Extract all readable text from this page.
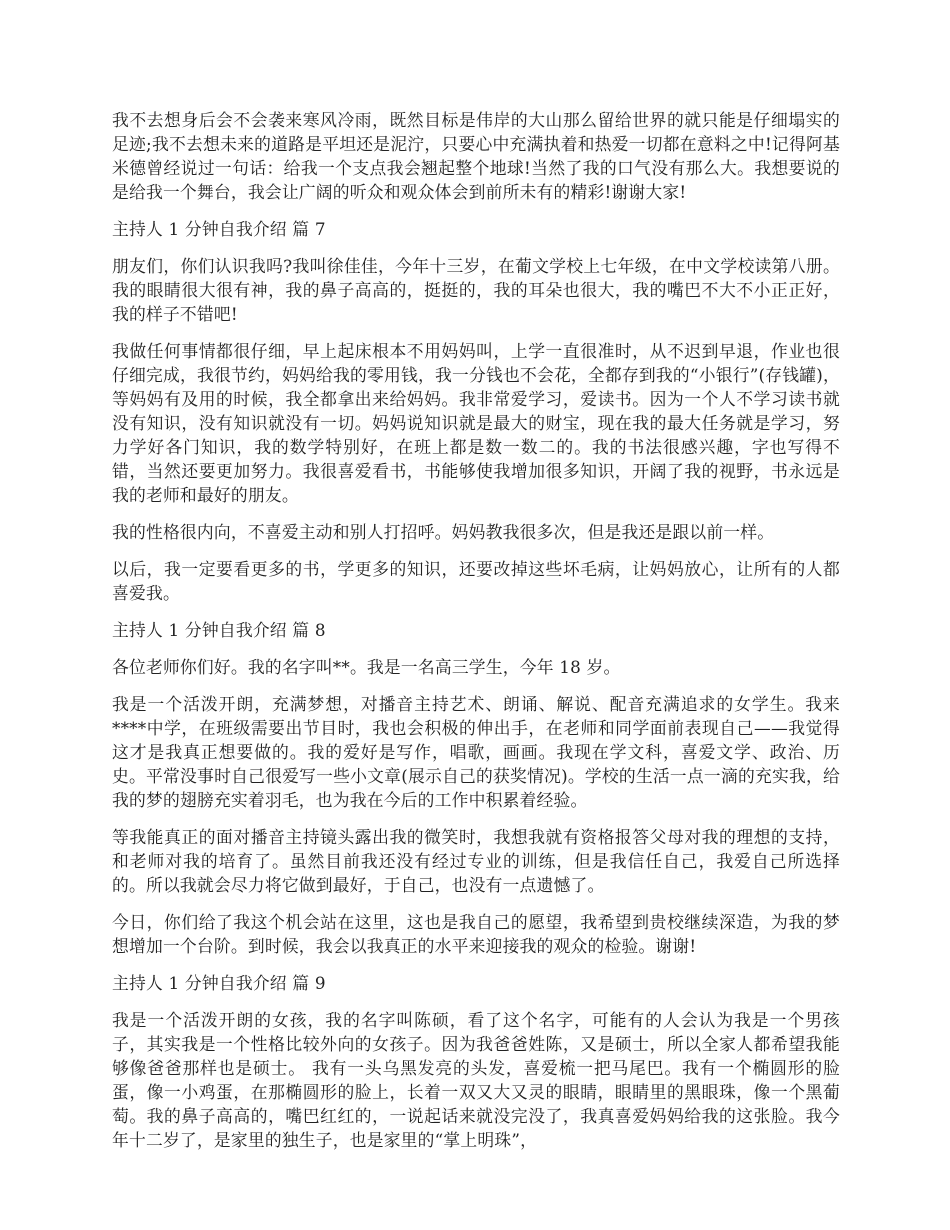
我不去想身后会不会袭来寒风冷雨，既然目标是伟岸的大山那么留给世界的就只能是仔细塌实的足迹;我不去想未来的道路是平坦还是泥泞，只要心中充满执着和热爱一切都在意料之中!记得阿基米德曾经说过一句话：给我一个支点我会翘起整个地球!当然了我的口气没有那么大。我想要说的是给我一个舞台，我会让广阔的听众和观众体会到前所未有的精彩!谢谢大家!

主持人 1 分钟自我介绍 篇 7

朋友们，你们认识我吗?我叫徐佳佳，今年十三岁，在葡文学校上七年级，在中文学校读第八册。我的眼睛很大很有神，我的鼻子高高的，挺挺的，我的耳朵也很大，我的嘴巴不大不小正正好，我的样子不错吧!

我做任何事情都很仔细，早上起床根本不用妈妈叫，上学一直很准时，从不迟到早退，作业也很仔细完成，我很节约，妈妈给我的零用钱，我一分钱也不会花，全都存到我的“小银行”(存钱罐)，等妈妈有及用的时候，我全都拿出来给妈妈。我非常爱学习，爱读书。因为一个人不学习读书就没有知识，没有知识就没有一切。妈妈说知识就是最大的财宝，现在我的最大任务就是学习，努力学好各门知识，我的数学特别好，在班上都是数一数二的。我的书法很感兴趣，字也写得不错，当然还要更加努力。我很喜爱看书，书能够使我增加很多知识，开阔了我的视野，书永远是我的老师和最好的朋友。

我的性格很内向，不喜爱主动和别人打招呼。妈妈教我很多次，但是我还是跟以前一样。

以后，我一定要看更多的书，学更多的知识，还要改掉这些坏毛病，让妈妈放心，让所有的人都喜爱我。

主持人 1 分钟自我介绍 篇 8

各位老师你们好。我的名字叫**。我是一名高三学生，今年 18 岁。

我是一个活泼开朗，充满梦想，对播音主持艺术、朗诵、解说、配音充满追求的女学生。我来****中学，在班级需要出节目时，我也会积极的伸出手，在老师和同学面前表现自己——我觉得这才是我真正想要做的。我的爱好是写作，唱歌，画画。我现在学文科，喜爱文学、政治、历史。平常没事时自己很爱写一些小文章(展示自己的获奖情况)。学校的生活一点一滴的充实我，给我的梦的翅膀充实着羽毛，也为我在今后的工作中积累着经验。

等我能真正的面对播音主持镜头露出我的微笑时，我想我就有资格报答父母对我的理想的支持，和老师对我的培育了。虽然目前我还没有经过专业的训练，但是我信任自己，我爱自己所选择的。所以我就会尽力将它做到最好，于自己，也没有一点遗憾了。

今日，你们给了我这个机会站在这里，这也是我自己的愿望，我希望到贵校继续深造，为我的梦想增加一个台阶。到时候，我会以我真正的水平来迎接我的观众的检验。谢谢!

主持人 1 分钟自我介绍 篇 9

我是一个活泼开朗的女孩，我的名字叫陈硕，看了这个名字，可能有的人会认为我是一个男孩子，其实我是一个性格比较外向的女孩子。因为我爸爸姓陈，又是硕士，所以全家人都希望我能够像爸爸那样也是硕士。 我有一头乌黑发亮的头发，喜爱梳一把马尾巴。我有一个椭圆形的脸蛋，像一小鸡蛋，在那椭圆形的脸上，长着一双又大又灵的眼睛，眼睛里的黑眼珠，像一个黑葡萄。我的鼻子高高的，嘴巴红红的，一说起话来就没完没了，我真喜爱妈妈给我的这张脸。我今年十二岁了，是家里的独生子，也是家里的“掌上明珠”，
